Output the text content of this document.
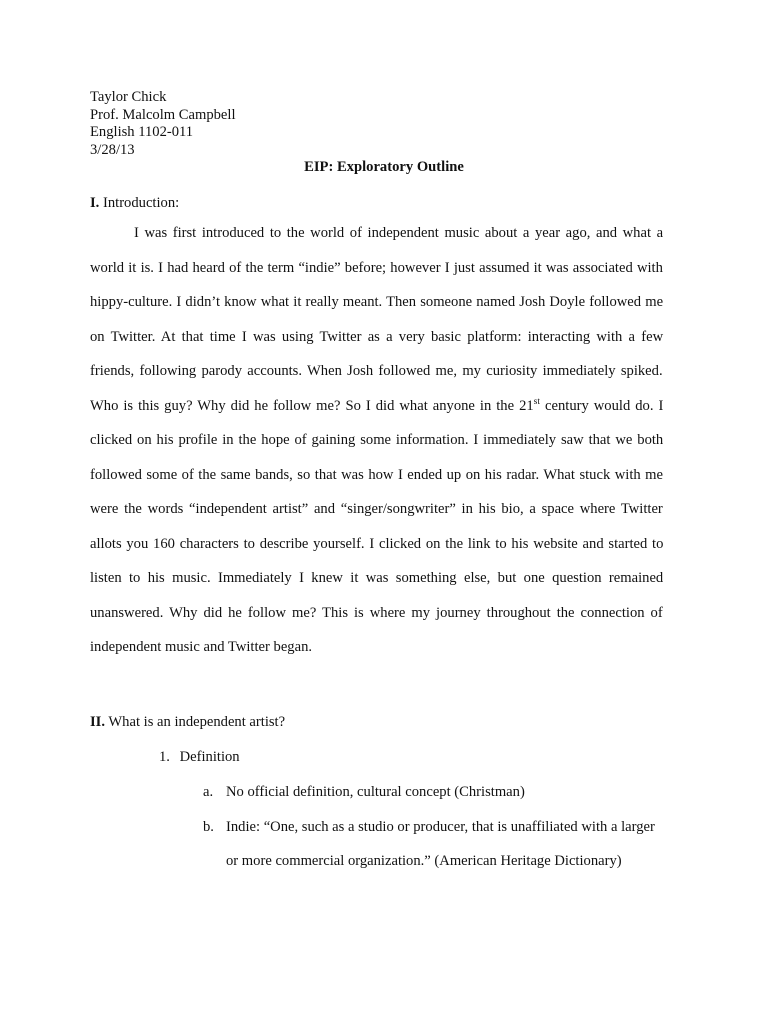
Taylor Chick
Prof. Malcolm Campbell
English 1102-011
3/28/13
EIP: Exploratory Outline
I. Introduction:
I was first introduced to the world of independent music about a year ago, and what a
world it is. I had heard of the term “indie” before; however I just assumed it was associated with
hippy-culture. I didn’t know what it really meant. Then someone named Josh Doyle followed me
on Twitter. At that time I was using Twitter as a very basic platform: interacting with a few
friends, following parody accounts. When Josh followed me, my curiosity immediately spiked.
Who is this guy? Why did he follow me? So I did what anyone in the 21st century would do. I
clicked on his profile in the hope of gaining some information. I immediately saw that we both
followed some of the same bands, so that was how I ended up on his radar. What stuck with me
were the words “independent artist” and “singer/songwriter” in his bio, a space where Twitter
allots you 160 characters to describe yourself. I clicked on the link to his website and started to
listen to his music. Immediately I knew it was something else, but one question remained
unanswered. Why did he follow me? This is where my journey throughout the connection of
independent music and Twitter began.
II. What is an independent artist?
1. Definition
a. No official definition, cultural concept (Christman)
b. Indie: “One, such as a studio or producer, that is unaffiliated with a larger
or more commercial organization.” (American Heritage Dictionary)
